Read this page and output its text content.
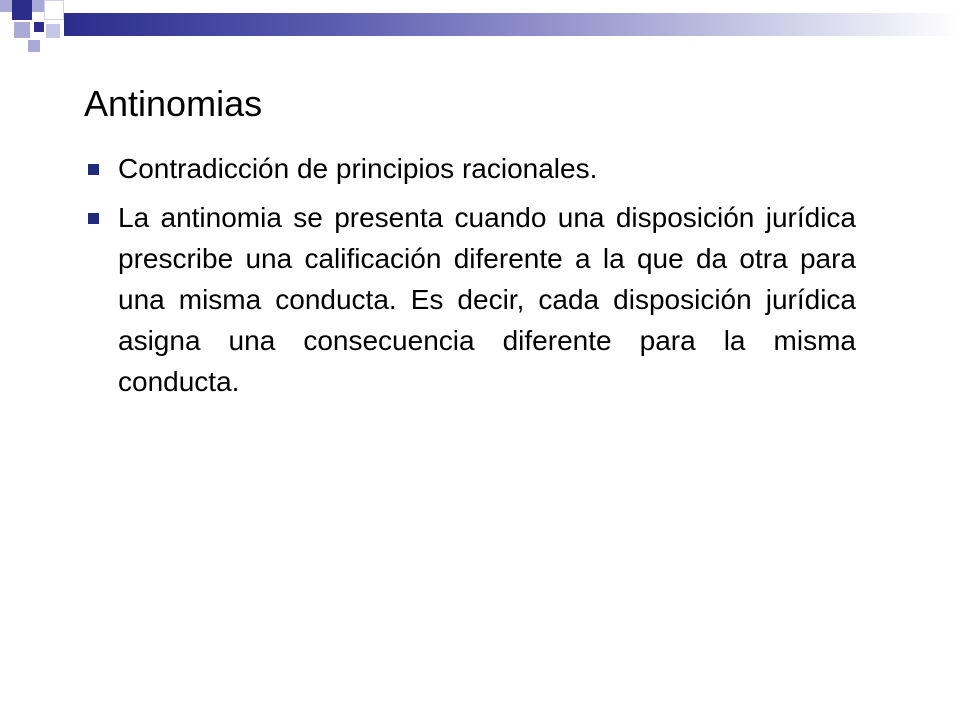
Antinomias
Contradicción de principios racionales.
La antinomia se presenta cuando una disposición jurídica prescribe una calificación diferente a la que da otra para una misma conducta. Es decir, cada disposición jurídica asigna una consecuencia diferente para la misma conducta.
